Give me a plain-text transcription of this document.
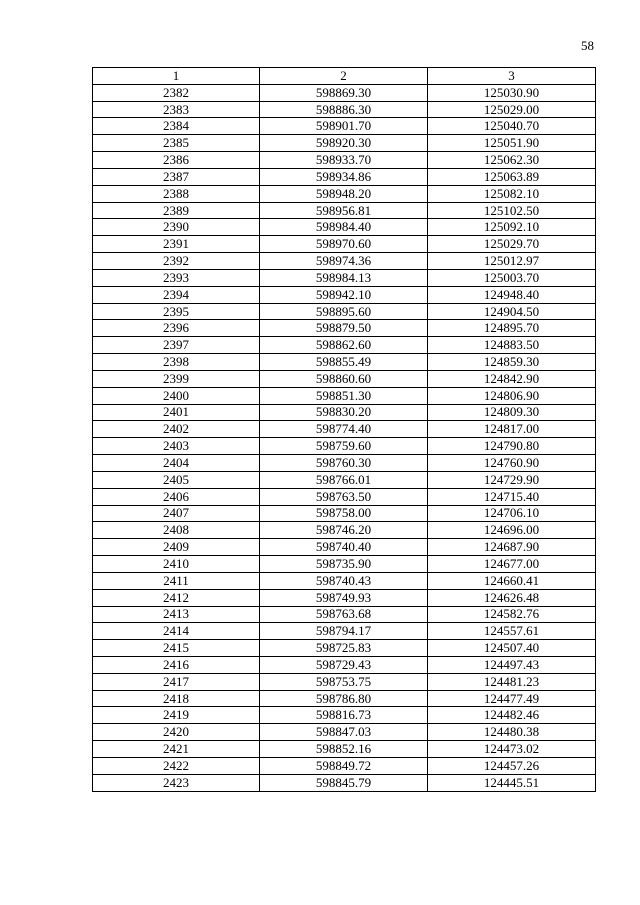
58
1	2	3
2382	598869.30	125030.90
2383	598886.30	125029.00
2384	598901.70	125040.70
2385	598920.30	125051.90
2386	598933.70	125062.30
2387	598934.86	125063.89
2388	598948.20	125082.10
2389	598956.81	125102.50
2390	598984.40	125092.10
2391	598970.60	125029.70
2392	598974.36	125012.97
2393	598984.13	125003.70
2394	598942.10	124948.40
2395	598895.60	124904.50
2396	598879.50	124895.70
2397	598862.60	124883.50
2398	598855.49	124859.30
2399	598860.60	124842.90
2400	598851.30	124806.90
2401	598830.20	124809.30
2402	598774.40	124817.00
2403	598759.60	124790.80
2404	598760.30	124760.90
2405	598766.01	124729.90
2406	598763.50	124715.40
2407	598758.00	124706.10
2408	598746.20	124696.00
2409	598740.40	124687.90
2410	598735.90	124677.00
2411	598740.43	124660.41
2412	598749.93	124626.48
2413	598763.68	124582.76
2414	598794.17	124557.61
2415	598725.83	124507.40
2416	598729.43	124497.43
2417	598753.75	124481.23
2418	598786.80	124477.49
2419	598816.73	124482.46
2420	598847.03	124480.38
2421	598852.16	124473.02
2422	598849.72	124457.26
2423	598845.79	124445.51
